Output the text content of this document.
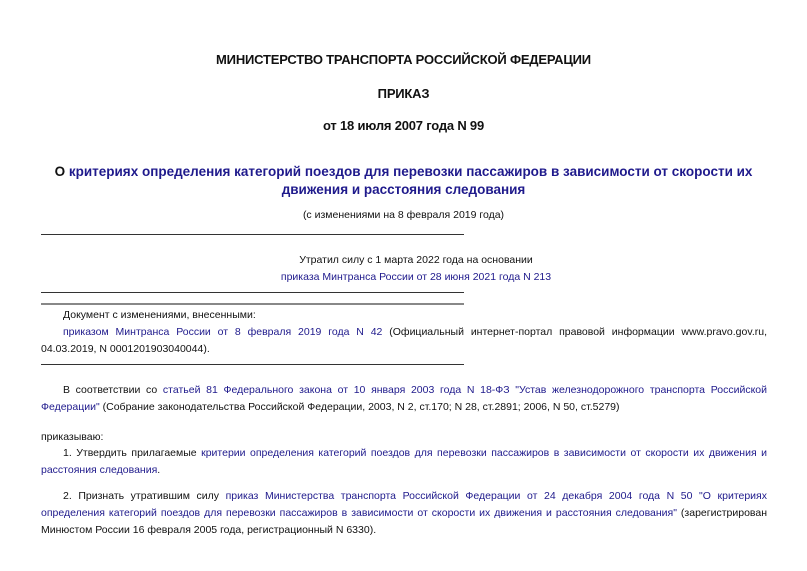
МИНИСТЕРСТВО ТРАНСПОРТА РОССИЙСКОЙ ФЕДЕРАЦИИ
ПРИКАЗ
от 18 июля 2007 года N 99
О критериях определения категорий поездов для перевозки пассажиров в зависимости от скорости их
движения и расстояния следования
(с изменениями на 8 февраля 2019 года)
Утратил силу с 1 марта 2022 года на основании
приказа Минтранса России от 28 июня 2021 года N 213
Документ с изменениями, внесенными:
приказом Минтранса России от 8 февраля 2019 года N 42 (Официальный интернет-портал правовой информации www.pravo.gov.ru, 04.03.2019, N 0001201903040044).
В соответствии со статьей 81 Федерального закона от 10 января 2003 года N 18-ФЗ "Устав железнодорожного транспорта Российской Федерации" (Собрание законодательства Российской Федерации, 2003, N 2, ст.170; N 28, ст.2891; 2006, N 50, ст.5279)
приказываю:
1. Утвердить прилагаемые критерии определения категорий поездов для перевозки пассажиров в зависимости от скорости их движения и расстояния следования.
2. Признать утратившим силу приказ Министерства транспорта Российской Федерации от 24 декабря 2004 года N 50 "О критериях определения категорий поездов для перевозки пассажиров в зависимости от скорости их движения и расстояния следования" (зарегистрирован Минюстом России 16 февраля 2005 года, регистрационный N 6330).
